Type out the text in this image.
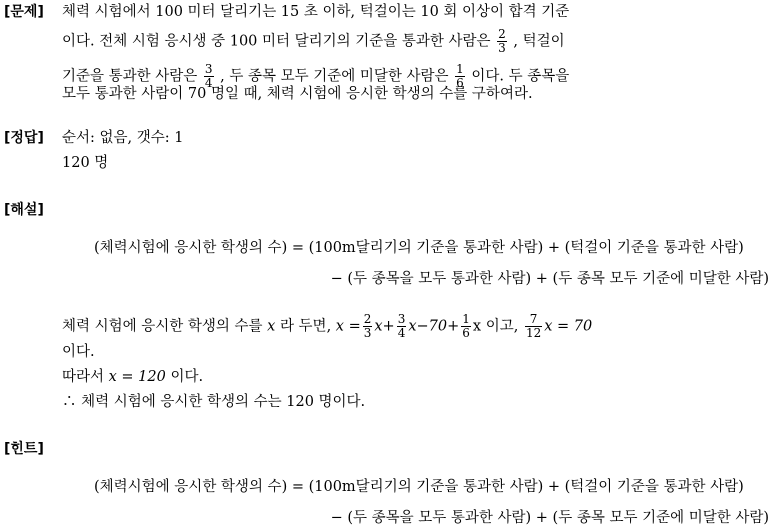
[문제] 체력 시험에서 100 미터 달리기는 15 초 이하, 턱걸이는 10 회 이상이 합격 기준
이다. 전체 시험 응시생 중 100 미터 달리기의 기준을 통과한 사람은 $\frac{2}{3}$ , 턱걸이
기준을 통과한 사람은 $\frac{3}{4}$ , 두 종목 모두 기준에 미달한 사람은 $\frac{1}{6}$ 이다. 두 종목을
모두 통과한 사람이 70 명일 때, 체력 시험에 응시한 학생의 수를 구하여라.
[정답] 순서: 없음, 갯수: 1
120 명
[해설]
(체력시험에 응시한 학생의 수) = (100m달리기의 기준을 통과한 사람) + (턱걸이 기준을 통과한 사람)
− (두 종목을 모두 통과한 사람) + (두 종목 모두 기준에 미달한 사람)
체력 시험에 응시한 학생의 수를 x 라 두면, $x = \frac{2}{3} x+ \frac{3}{4} x-70+ \frac{1}{6}$ x 이고, $\frac{7}{12}$ x = 70
이다.
따라서 x = 120 이다.
∴ 체력 시험에 응시한 학생의 수는 120 명이다.
[힌트]
(체력시험에 응시한 학생의 수) = (100m달리기의 기준을 통과한 사람) + (턱걸이 기준을 통과한 사람)
− (두 종목을 모두 통과한 사람) + (두 종목 모두 기준에 미달한 사람)
